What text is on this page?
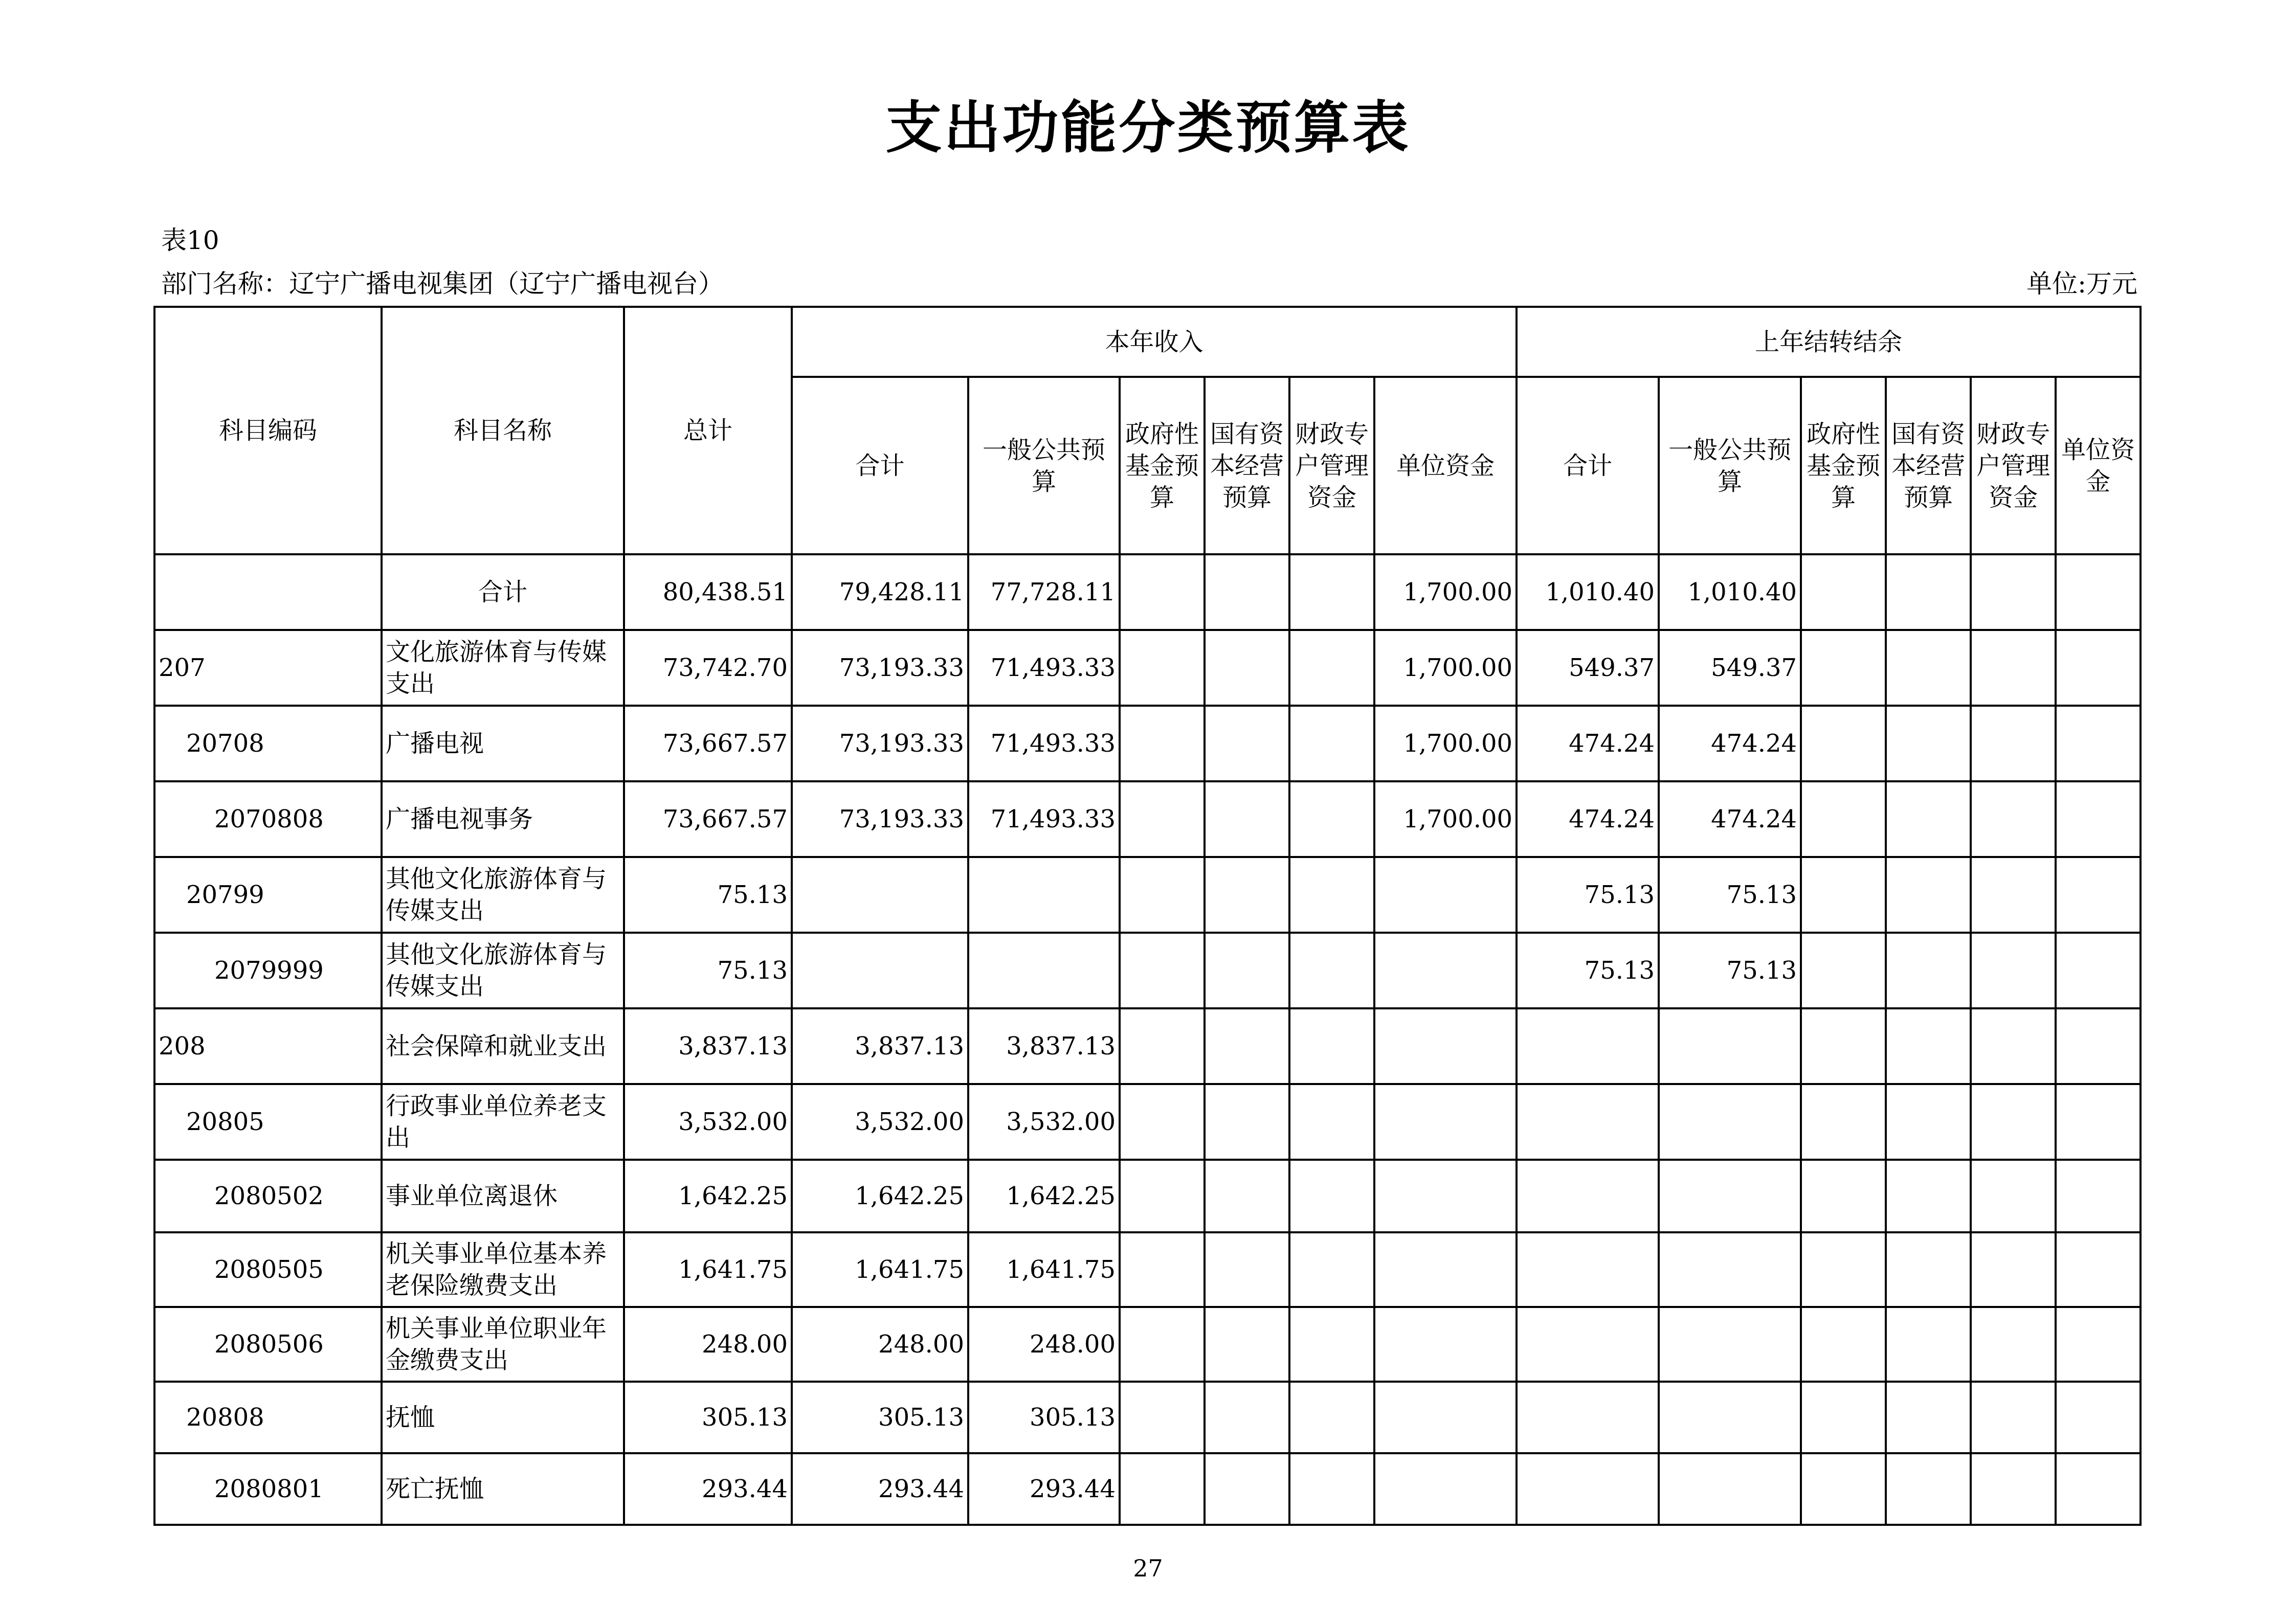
支出功能分类预算表
表10
部门名称：辽宁广播电视集团（辽宁广播电视台）	单位:万元
科目编码	科目名称	总计	本年收入						上年结转结余					
			合计	一般公共预算	政府性基金预算	国有资本经营预算	财政专户管理资金	单位资金	合计	一般公共预算	政府性基金预算	国有资本经营预算	财政专户管理资金	单位资金
	合计	80,438.51	79,428.11	77,728.11				1,700.00	1,010.40	1,010.40				
207	文化旅游体育与传媒支出	73,742.70	73,193.33	71,493.33				1,700.00	549.37	549.37				
20708	广播电视	73,667.57	73,193.33	71,493.33				1,700.00	474.24	474.24				
2070808	广播电视事务	73,667.57	73,193.33	71,493.33				1,700.00	474.24	474.24				
20799	其他文化旅游体育与传媒支出	75.13							75.13	75.13				
2079999	其他文化旅游体育与传媒支出	75.13							75.13	75.13				
208	社会保障和就业支出	3,837.13	3,837.13	3,837.13										
20805	行政事业单位养老支出	3,532.00	3,532.00	3,532.00										
2080502	事业单位离退休	1,642.25	1,642.25	1,642.25										
2080505	机关事业单位基本养老保险缴费支出	1,641.75	1,641.75	1,641.75										
2080506	机关事业单位职业年金缴费支出	248.00	248.00	248.00										
20808	抚恤	305.13	305.13	305.13										
2080801	死亡抚恤	293.44	293.44	293.44										
27
